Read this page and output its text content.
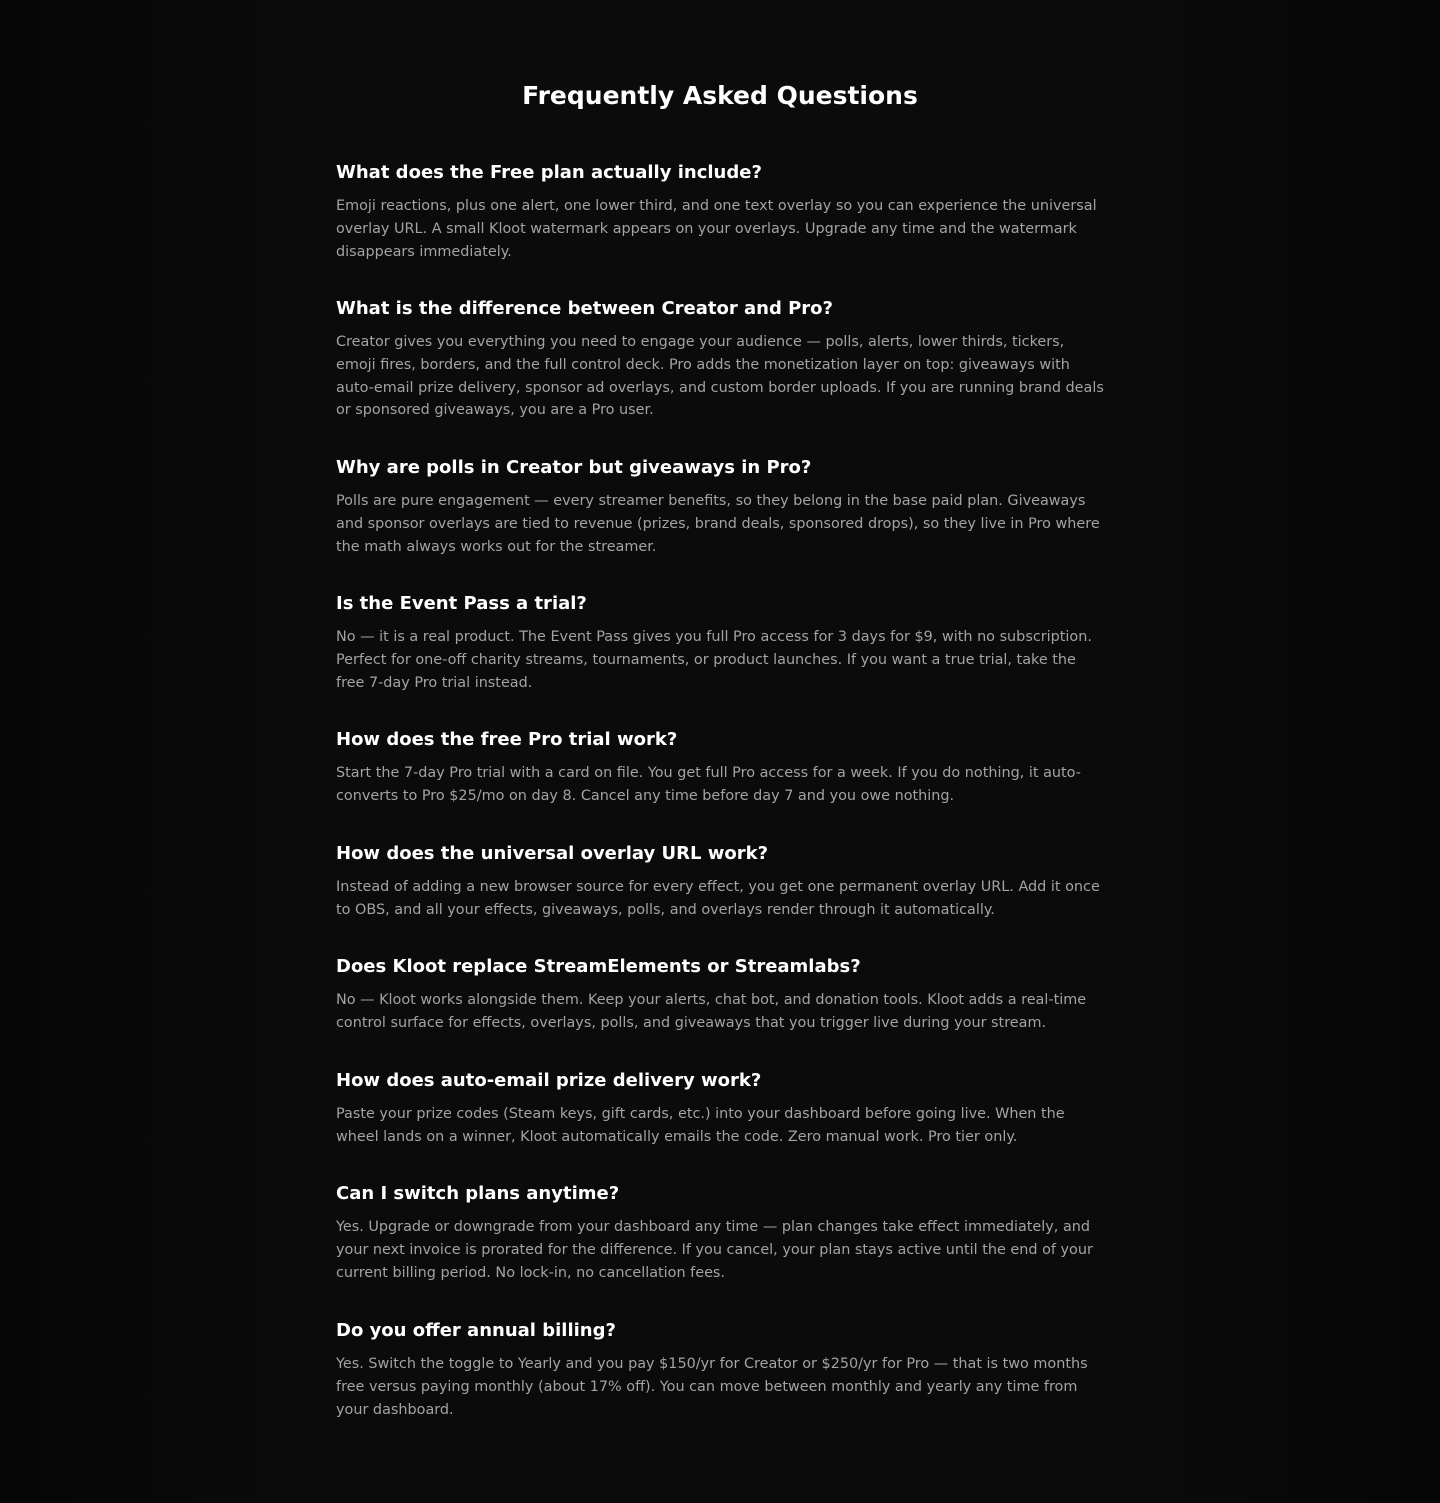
Frequently Asked Questions
What does the Free plan actually include?

Emoji reactions, plus one alert, one lower third, and one text overlay so you can experience the universal overlay URL. A small Kloot watermark appears on your overlays. Upgrade any time and the watermark disappears immediately.

What is the difference between Creator and Pro?

Creator gives you everything you need to engage your audience — polls, alerts, lower thirds, tickers, emoji fires, borders, and the full control deck. Pro adds the monetization layer on top: giveaways with auto-email prize delivery, sponsor ad overlays, and custom border uploads. If you are running brand deals or sponsored giveaways, you are a Pro user.

Why are polls in Creator but giveaways in Pro?

Polls are pure engagement — every streamer benefits, so they belong in the base paid plan. Giveaways and sponsor overlays are tied to revenue (prizes, brand deals, sponsored drops), so they live in Pro where the math always works out for the streamer.

Is the Event Pass a trial?

No — it is a real product. The Event Pass gives you full Pro access for 3 days for $9, with no subscription. Perfect for one-off charity streams, tournaments, or product launches. If you want a true trial, take the free 7-day Pro trial instead.

How does the free Pro trial work?

Start the 7-day Pro trial with a card on file. You get full Pro access for a week. If you do nothing, it auto-converts to Pro $25/mo on day 8. Cancel any time before day 7 and you owe nothing.

How does the universal overlay URL work?

Instead of adding a new browser source for every effect, you get one permanent overlay URL. Add it once to OBS, and all your effects, giveaways, polls, and overlays render through it automatically.

Does Kloot replace StreamElements or Streamlabs?

No — Kloot works alongside them. Keep your alerts, chat bot, and donation tools. Kloot adds a real-time control surface for effects, overlays, polls, and giveaways that you trigger live during your stream.

How does auto-email prize delivery work?

Paste your prize codes (Steam keys, gift cards, etc.) into your dashboard before going live. When the wheel lands on a winner, Kloot automatically emails the code. Zero manual work. Pro tier only.

Can I switch plans anytime?

Yes. Upgrade or downgrade from your dashboard any time — plan changes take effect immediately, and your next invoice is prorated for the difference. If you cancel, your plan stays active until the end of your current billing period. No lock-in, no cancellation fees.

Do you offer annual billing?

Yes. Switch the toggle to Yearly and you pay $150/yr for Creator or $250/yr for Pro — that is two months free versus paying monthly (about 17% off). You can move between monthly and yearly any time from your dashboard.
